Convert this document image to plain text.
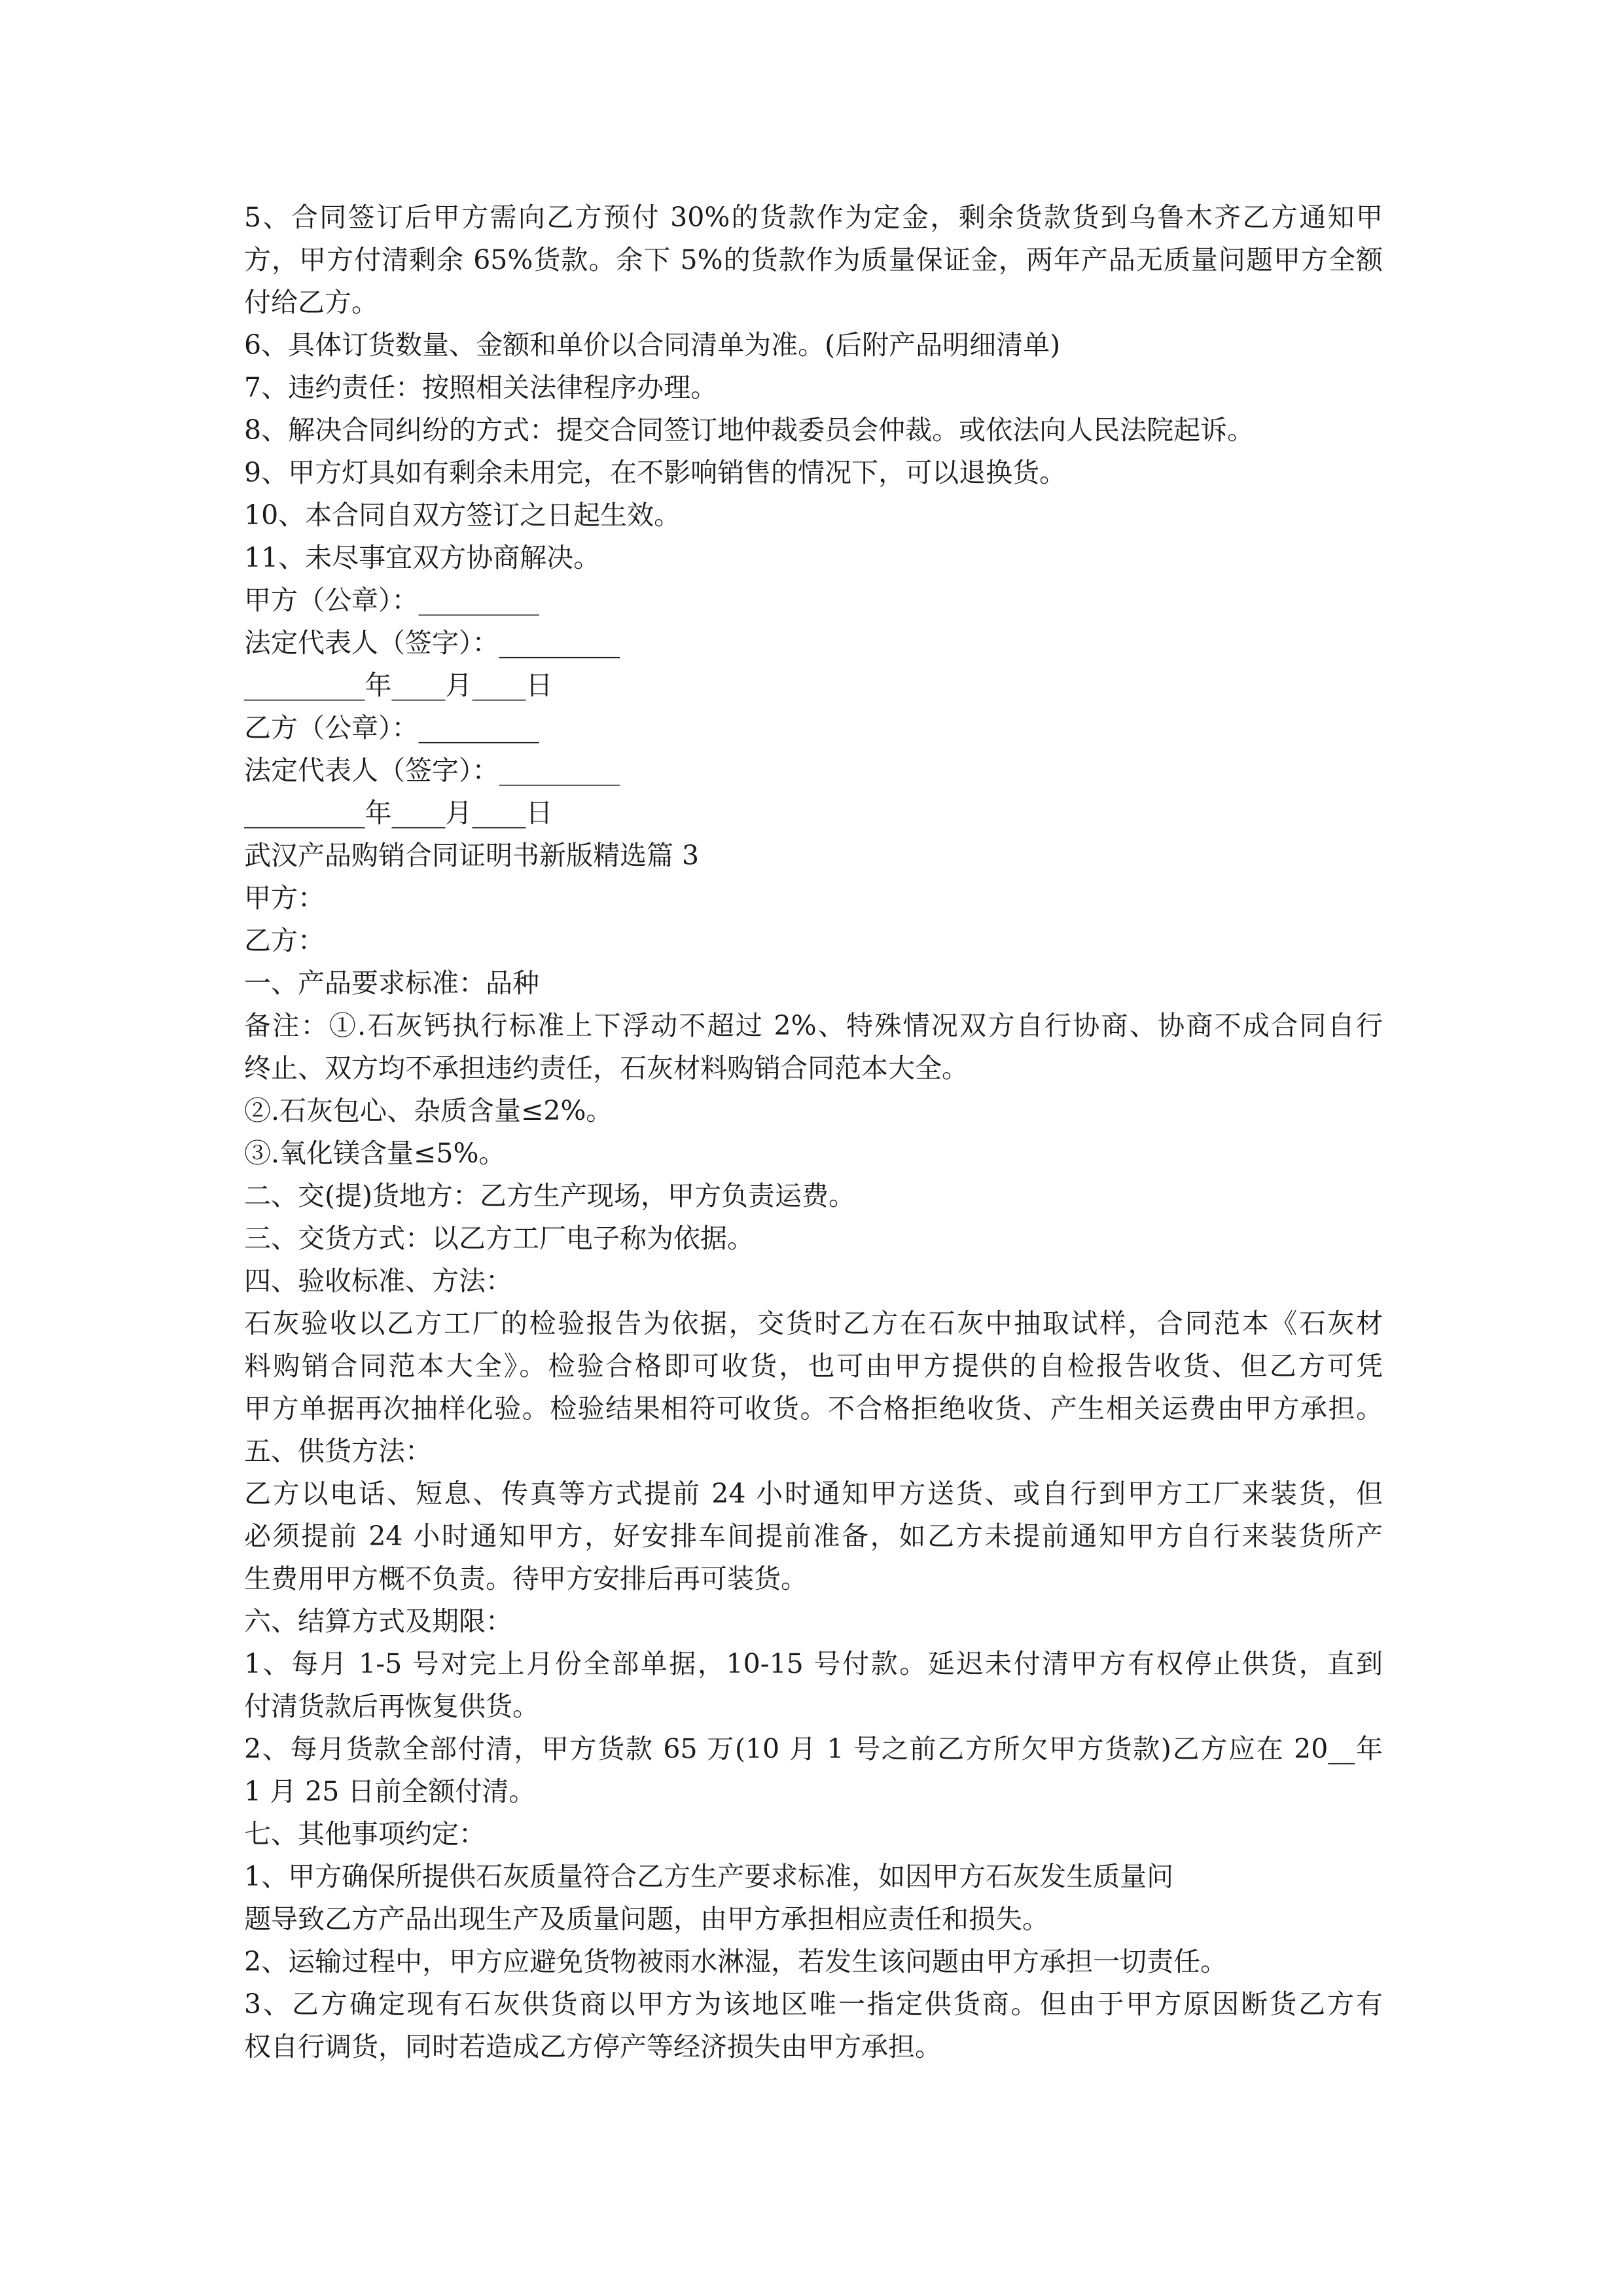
5、合同签订后甲方需向乙方预付 30%的货款作为定金，剩余货款货到乌鲁木齐乙方通知甲
方，甲方付清剩余 65%货款。余下 5%的货款作为质量保证金，两年产品无质量问题甲方全额
付给乙方。
6、具体订货数量、金额和单价以合同清单为准。(后附产品明细清单)
7、违约责任：按照相关法律程序办理。
8、解决合同纠纷的方式：提交合同签订地仲裁委员会仲裁。或依法向人民法院起诉。
9、甲方灯具如有剩余未用完，在不影响销售的情况下，可以退换货。
10、本合同自双方签订之日起生效。
11、未尽事宜双方协商解决。
甲方（公章）：_________
法定代表人（签字）：_________
_________年____月____日
乙方（公章）：_________
法定代表人（签字）：_________
_________年____月____日
武汉产品购销合同证明书新版精选篇 3
甲方：
乙方：
一、产品要求标准：品种
备注：①.石灰钙执行标准上下浮动不超过 2%、特殊情况双方自行协商、协商不成合同自行
终止、双方均不承担违约责任，石灰材料购销合同范本大全。
②.石灰包心、杂质含量≤2%。
③.氧化镁含量≤5%。
二、交(提)货地方：乙方生产现场，甲方负责运费。
三、交货方式：以乙方工厂电子称为依据。
四、验收标准、方法：
石灰验收以乙方工厂的检验报告为依据，交货时乙方在石灰中抽取试样，合同范本《石灰材
料购销合同范本大全》。检验合格即可收货，也可由甲方提供的自检报告收货、但乙方可凭
甲方单据再次抽样化验。检验结果相符可收货。不合格拒绝收货、产生相关运费由甲方承担。
五、供货方法：
乙方以电话、短息、传真等方式提前 24 小时通知甲方送货、或自行到甲方工厂来装货，但
必须提前 24 小时通知甲方，好安排车间提前准备，如乙方未提前通知甲方自行来装货所产
生费用甲方概不负责。待甲方安排后再可装货。
六、结算方式及期限：
1、每月 1-5 号对完上月份全部单据，10-15 号付款。延迟未付清甲方有权停止供货，直到
付清货款后再恢复供货。
2、每月货款全部付清，甲方货款 65 万(10 月 1 号之前乙方所欠甲方货款)乙方应在 20__年
1 月 25 日前全额付清。
七、其他事项约定：
1、甲方确保所提供石灰质量符合乙方生产要求标准，如因甲方石灰发生质量问
题导致乙方产品出现生产及质量问题，由甲方承担相应责任和损失。
2、运输过程中，甲方应避免货物被雨水淋湿，若发生该问题由甲方承担一切责任。
3、乙方确定现有石灰供货商以甲方为该地区唯一指定供货商。但由于甲方原因断货乙方有
权自行调货，同时若造成乙方停产等经济损失由甲方承担。
